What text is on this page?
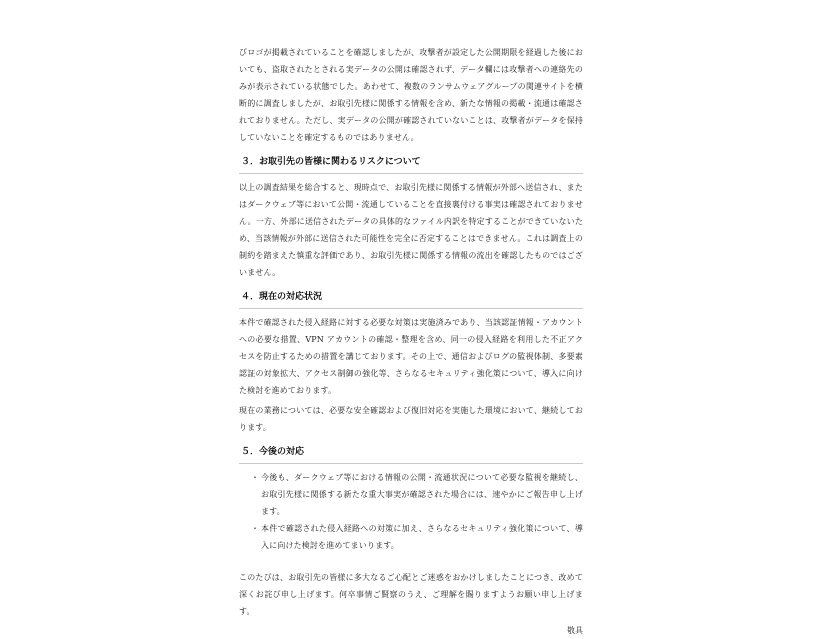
びロゴが掲載されていることを確認しましたが、攻撃者が設定した公開期限を経過した後においても、盗取されたとされる実データの公開は確認されず、データ欄には攻撃者への連絡先のみが表示されている状態でした。あわせて、複数のランサムウェアグループの関連サイトを横断的に調査しましたが、お取引先様に関係する情報を含め、新たな情報の掲載・流通は確認されておりません。ただし、実データの公開が確認されていないことは、攻撃者がデータを保持していないことを確定するものではありません。

３．お取引先の皆様に関わるリスクについて

以上の調査結果を総合すると、現時点で、お取引先様に関係する情報が外部へ送信され、またはダークウェブ等において公開・流通していることを直接裏付ける事実は確認されておりません。一方、外部に送信されたデータの具体的なファイル内訳を特定することができていないため、当該情報が外部に送信された可能性を完全に否定することはできません。これは調査上の制約を踏まえた慎重な評価であり、お取引先様に関係する情報の流出を確認したものではございません。

４．現在の対応状況

本件で確認された侵入経路に対する必要な対策は実施済みであり、当該認証情報・アカウントへの必要な措置、VPN アカウントの確認・整理を含め、同一の侵入経路を利用した不正アクセスを防止するための措置を講じております。その上で、通信およびログの監視体制、多要素認証の対象拡大、アクセス制御の強化等、さらなるセキュリティ強化策について、導入に向けた検討を進めております。

現在の業務については、必要な安全確認および復旧対応を実施した環境において、継続しております。

５．今後の対応
・ 今後も、ダークウェブ等における情報の公開・流通状況について必要な監視を継続し、お取引先様に関係する新たな重大事実が確認された場合には、速やかにご報告申し上げます。
・ 本件で確認された侵入経路への対策に加え、さらなるセキュリティ強化策について、導入に向けた検討を進めてまいります。

このたびは、お取引先の皆様に多大なるご心配とご迷惑をおかけしましたことにつき、改めて深くお詫び申し上げます。何卒事情ご賢察のうえ、ご理解を賜りますようお願い申し上げます。

敬具
